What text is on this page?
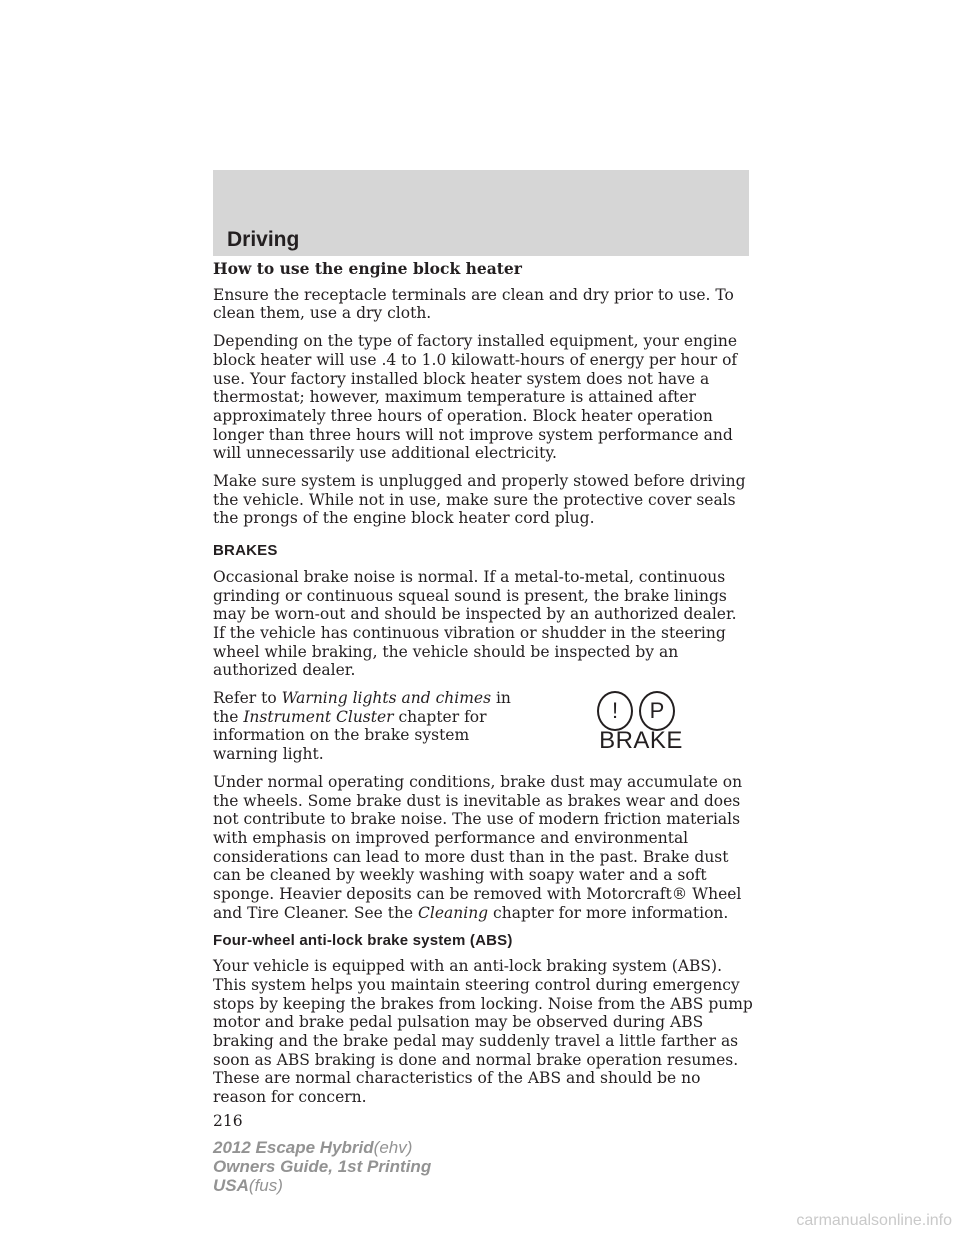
Driving
How to use the engine block heater

Ensure the receptacle terminals are clean and dry prior to use. To clean them, use a dry cloth.

Depending on the type of factory installed equipment, your engine block heater will use .4 to 1.0 kilowatt-hours of energy per hour of use. Your factory installed block heater system does not have a thermostat; however, maximum temperature is attained after approximately three hours of operation. Block heater operation longer than three hours will not improve system performance and will unnecessarily use additional electricity.

Make sure system is unplugged and properly stowed before driving the vehicle. While not in use, make sure the protective cover seals the prongs of the engine block heater cord plug.

BRAKES

Occasional brake noise is normal. If a metal-to-metal, continuous grinding or continuous squeal sound is present, the brake linings may be worn-out and should be inspected by an authorized dealer. If the vehicle has continuous vibration or shudder in the steering wheel while braking, the vehicle should be inspected by an authorized dealer.

Refer to Warning lights and chimes in the Instrument Cluster chapter for information on the brake system warning light.

!	P
BRAKE

Under normal operating conditions, brake dust may accumulate on the wheels. Some brake dust is inevitable as brakes wear and does not contribute to brake noise. The use of modern friction materials with emphasis on improved performance and environmental considerations can lead to more dust than in the past. Brake dust can be cleaned by weekly washing with soapy water and a soft sponge. Heavier deposits can be removed with Motorcraft® Wheel and Tire Cleaner. See the Cleaning chapter for more information.

Four-wheel anti-lock brake system (ABS)

Your vehicle is equipped with an anti-lock braking system (ABS). This system helps you maintain steering control during emergency stops by keeping the brakes from locking. Noise from the ABS pump motor and brake pedal pulsation may be observed during ABS braking and the brake pedal may suddenly travel a little farther as soon as ABS braking is done and normal brake operation resumes. These are normal characteristics of the ABS and should be no reason for concern.

216
2012 Escape Hybrid(ehv)
Owners Guide, 1st Printing
USA(fus)
carmanualsonline.info
